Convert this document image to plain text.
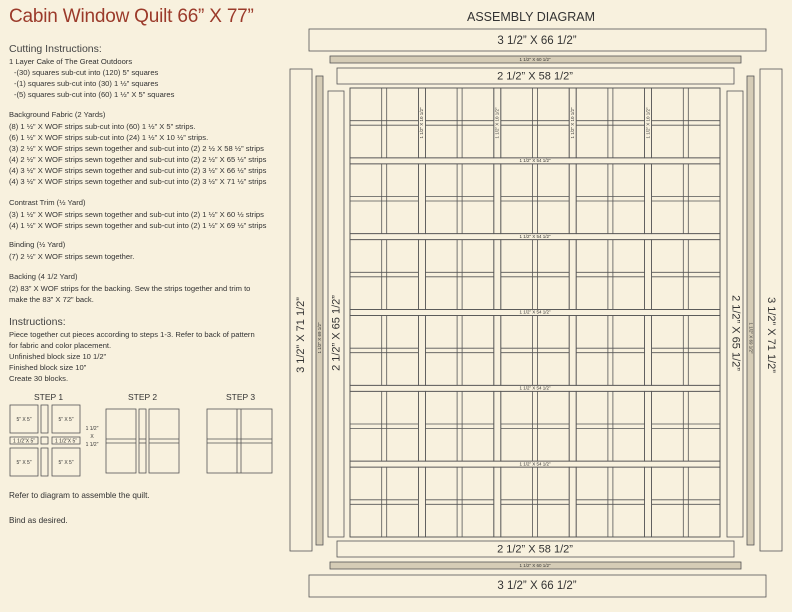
Cabin Window Quilt 66” X 77”
Cutting Instructions:
1 Layer Cake of The Great Outdoors
-(30) squares sub-cut into (120) 5” squares
-(1) squares sub-cut into (30) 1 ½” squares
-(5) squares sub-cut into (60) 1 ½” X 5” squares
Background Fabric (2 Yards)
(8) 1 ½” X WOF strips sub-cut into (60) 1 ½” X 5” strips.
(6) 1 ½” X WOF strips sub-cut into (24) 1 ½” X 10 ½” strips.
(3) 2 ½” X WOF strips sewn together and sub-cut into (2) 2 ½ X 58 ½” strips
(4) 2 ½” X WOF strips sewn together and sub-cut into (2) 2 ½” X 65 ½” strips
(4) 3 ½” X WOF strips sewn together and sub-cut into (2) 3 ½” X 66 ½” strips
(4) 3 ½” X WOF strips sewn together and sub-cut into (2) 3 ½” X 71 ½” strips
Contrast Trim (½ Yard)
(3) 1 ½” X WOF strips sewn together and sub-cut into (2) 1 ½” X 60 ½ strips
(4) 1 ½” X WOF strips sewn together and sub-cut into (2) 1 ½” X 69 ½” strips
Binding (½ Yard)
(7) 2 ½” X WOF strips sewn together.
Backing (4 1/2 Yard)
(2) 83” X WOF strips for the backing. Sew the strips together and trim to
make the 83” X 72” back.
Instructions:
Piece together cut pieces according to steps 1-3. Refer to back of pattern
for fabric and color placement.
Unfinished block size 10 1/2”
Finished block size 10”
Create 30 blocks.
STEP 1	STEP 2	STEP 3
Refer to diagram to assemble the quilt.
Bind as desired.
ASSEMBLY DIAGRAM
5” X 5”	5” X 5”
5” X 5”	5” X 5”
1 1/2”X 5”	1 1/2”X 5”
1 1/2”
X
1 1/2”
3 1/2” X 66 1/2”
1 1/2” X 60 1/2”
2 1/2” X 58 1/2”
2 1/2” X 58 1/2”
1 1/2” X 60 1/2”
3 1/2” X 66 1/2”
3 1/2” X 71 1/2” 1 1/2” X 69 1/2” 2 1/2” X 65 1/2”	2 1/2” X 65 1/2” 1 1/2” X 69 1/2” 3 1/2” X 71 1/2”
1 1/2” X 10 1/2”	1 1/2” X 10 1/2”	1 1/2” X 10 1/2”	1 1/2” X 10 1/2”
1 1/2” X 54 1/2”
1 1/2” X 54 1/2”
1 1/2” X 54 1/2”
1 1/2” X 54 1/2”
1 1/2” X 54 1/2”
